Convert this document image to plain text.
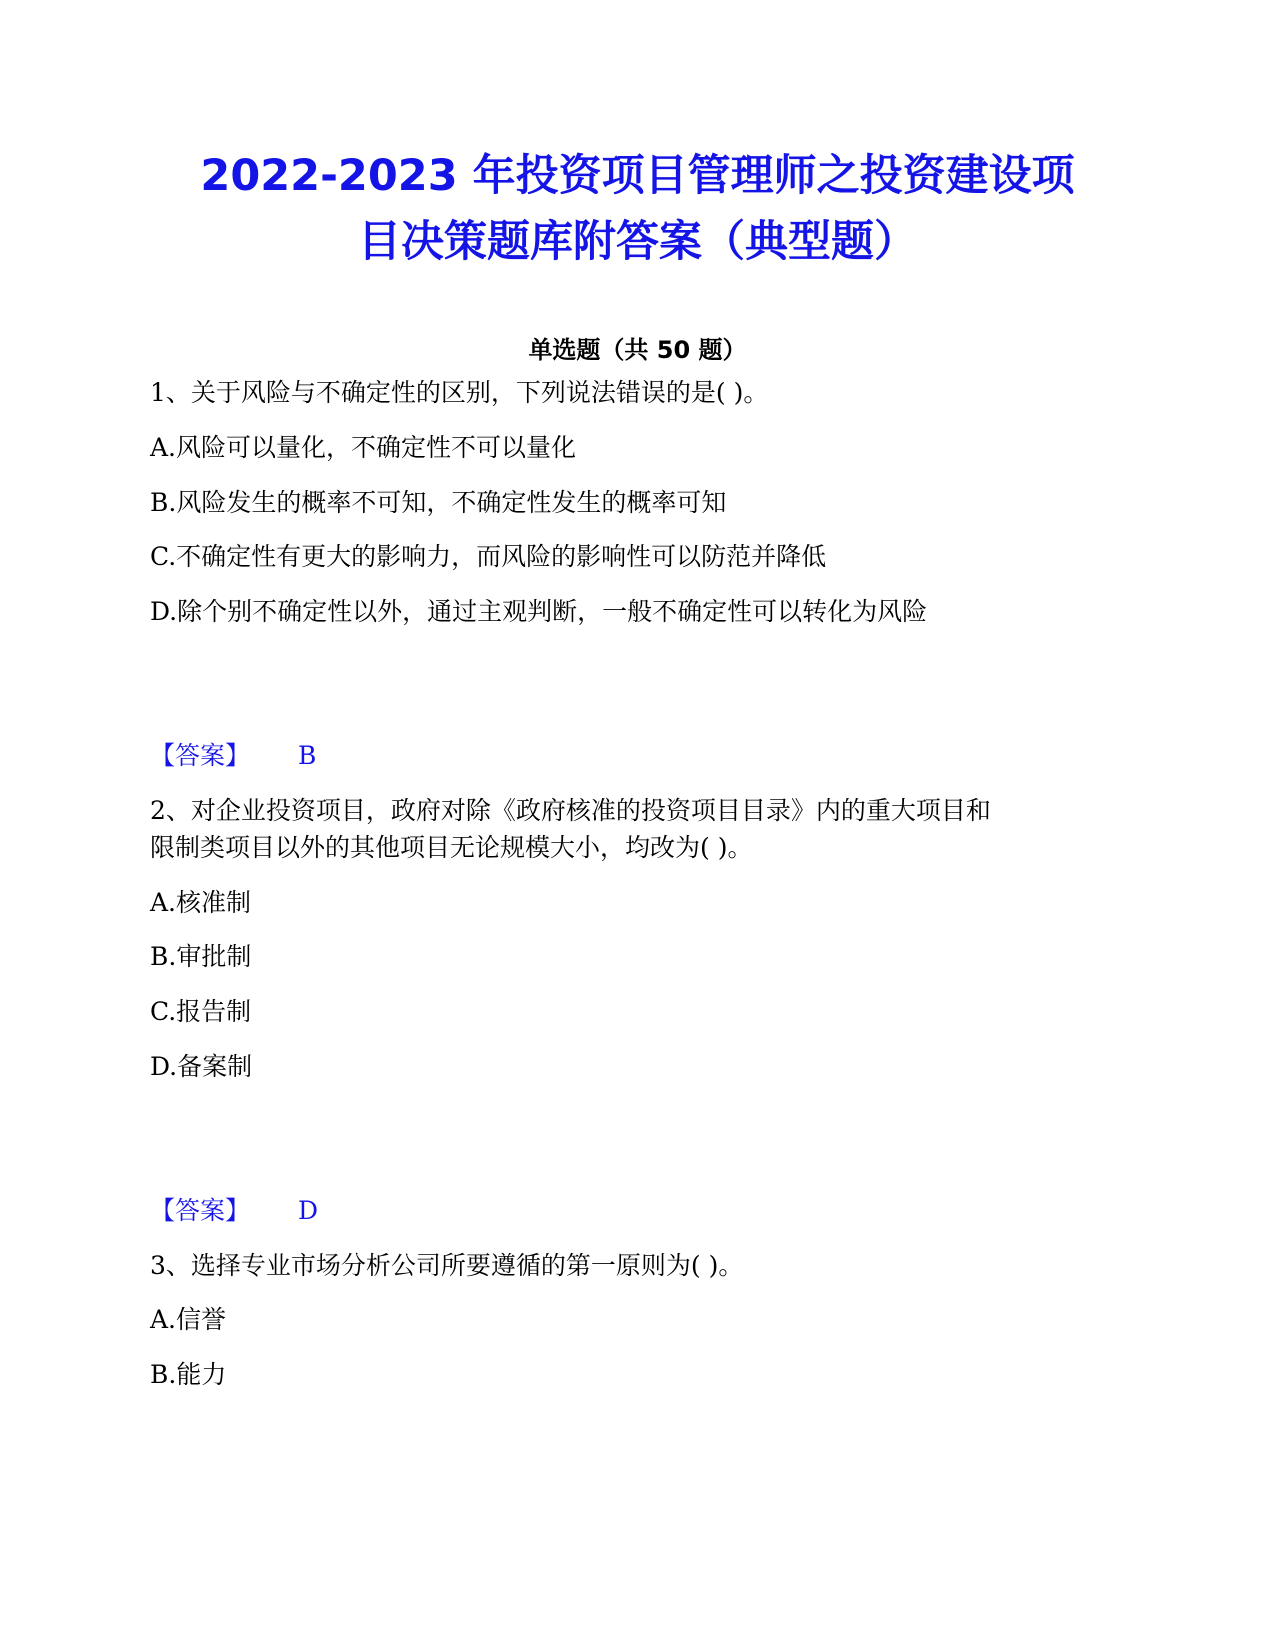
2022-2023 年投资项目管理师之投资建设项
目决策题库附答案（典型题）
单选题（共 50 题）
1、关于风险与不确定性的区别，下列说法错误的是( )。
A.风险可以量化，不确定性不可以量化
B.风险发生的概率不可知，不确定性发生的概率可知
C.不确定性有更大的影响力，而风险的影响性可以防范并降低
D.除个别不确定性以外，通过主观判断，一般不确定性可以转化为风险
【答案】 B
2、对企业投资项目，政府对除《政府核准的投资项目目录》内的重大项目和
限制类项目以外的其他项目无论规模大小，均改为( )。
A.核准制
B.审批制
C.报告制
D.备案制
【答案】 D
3、选择专业市场分析公司所要遵循的第一原则为( )。
A.信誉
B.能力
